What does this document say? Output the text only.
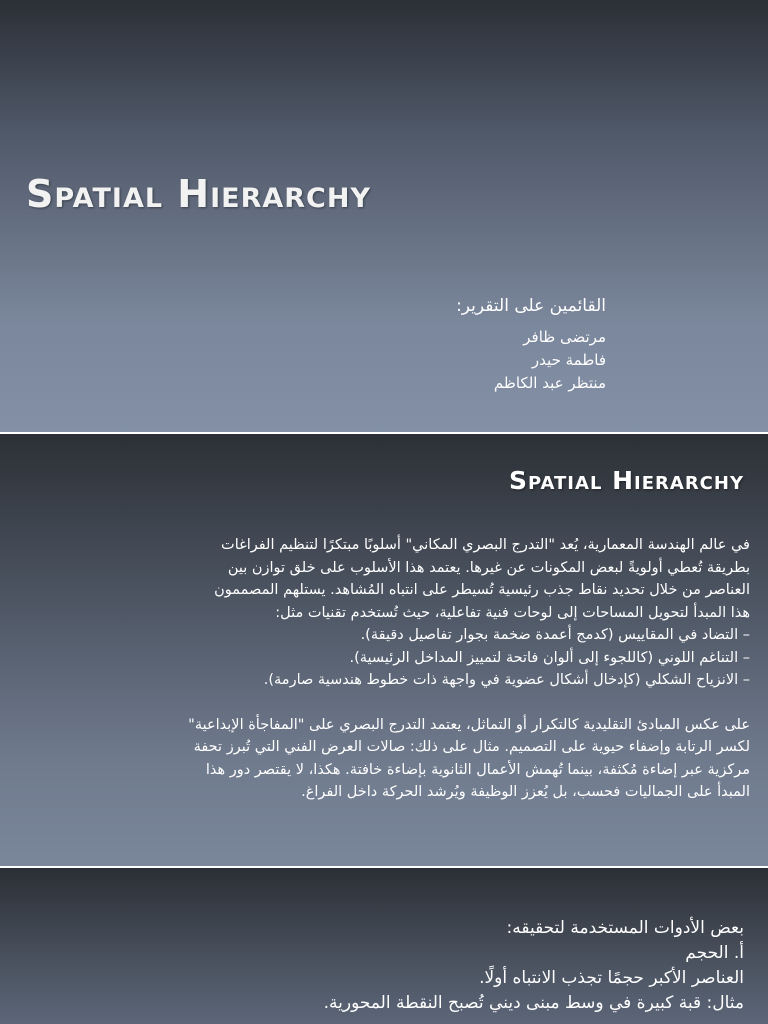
Spatial Hierarchy
القائمين على التقرير:
مرتضى ظافر
فاطمة حيدر
منتظر عبد الكاظم
Spatial Hierarchy
في عالم الهندسة المعمارية، يُعد "التدرج البصري المكاني" أسلوبًا مبتكرًا لتنظيم الفراغات
بطريقة تُعطي أولويةً لبعض المكونات عن غيرها. يعتمد هذا الأسلوب على خلق توازن بين
العناصر من خلال تحديد نقاط جذب رئيسية تُسيطر على انتباه المُشاهد. يستلهم المصممون
هذا المبدأ لتحويل المساحات إلى لوحات فنية تفاعلية، حيث تُستخدم تقنيات مثل:
– التضاد في المقاييس (كدمج أعمدة ضخمة بجوار تفاصيل دقيقة).
– التناغم اللوني (كاللجوء إلى ألوان فاتحة لتمييز المداخل الرئيسية).
– الانزياح الشكلي (كإدخال أشكال عضوية في واجهة ذات خطوط هندسية صارمة).
على عكس المبادئ التقليدية كالتكرار أو التماثل، يعتمد التدرج البصري على "المفاجأة الإبداعية"
لكسر الرتابة وإضفاء حيوية على التصميم. مثال على ذلك: صالات العرض الفني التي تُبرز تحفة
مركزية عبر إضاءة مُكثفة، بينما تُهمش الأعمال الثانوية بإضاءة خافتة. هكذا، لا يقتصر دور هذا
المبدأ على الجماليات فحسب، بل يُعزز الوظيفة ويُرشد الحركة داخل الفراغ.
بعض الأدوات المستخدمة لتحقيقه:
أ. الحجم
العناصر الأكبر حجمًا تجذب الانتباه أولًا.
مثال: قبة كبيرة في وسط مبنى ديني تُصبح النقطة المحورية.
